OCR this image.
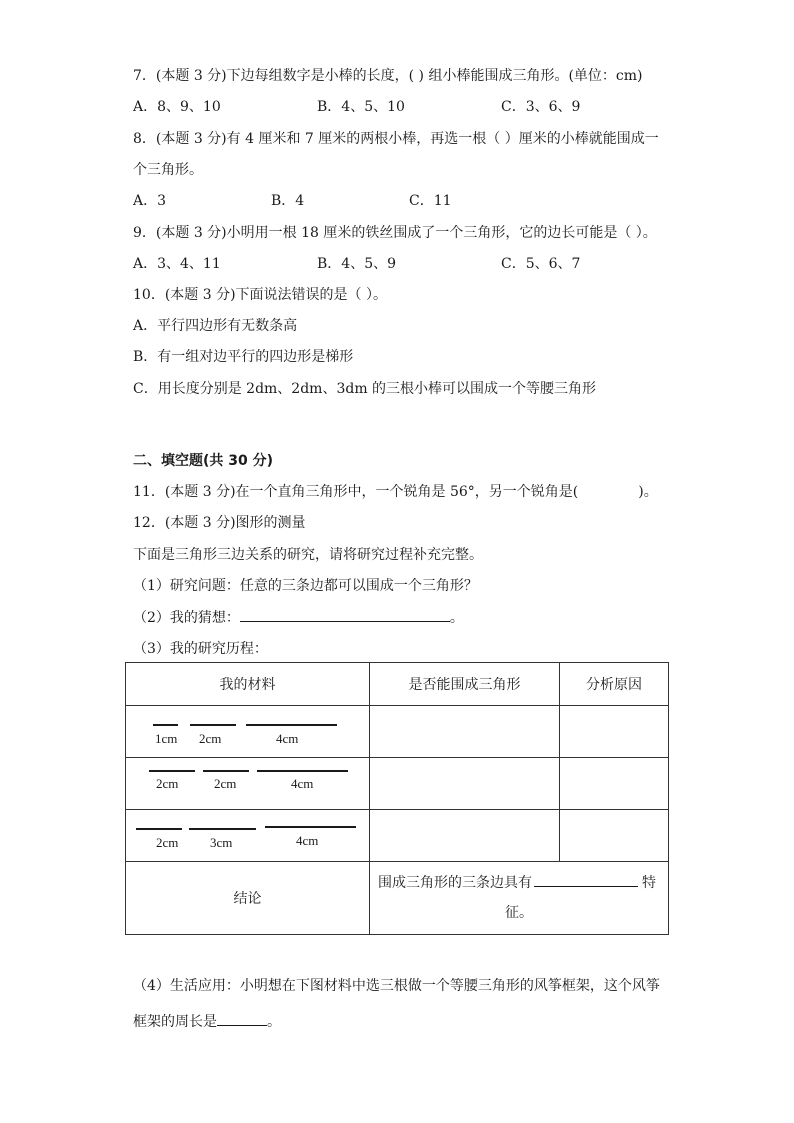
7．(本题 3 分)下边每组数字是小棒的长度，( ) 组小棒能围成三角形。(单位：cm)
A．8、9、10	B．4、5、10	C．3、6、9
8．(本题 3 分)有 4 厘米和 7 厘米的两根小棒，再选一根（ ）厘米的小棒就能围成一
个三角形。
A．3	B．4	C．11
9．(本题 3 分)小明用一根 18 厘米的铁丝围成了一个三角形，它的边长可能是（ ）。
A．3、4、11	B．4、5、9	C．5、6、7
10．(本题 3 分)下面说法错误的是（ ）。
A．平行四边形有无数条高
B．有一组对边平行的四边形是梯形
C．用长度分别是 2dm、2dm、3dm 的三根小棒可以围成一个等腰三角形
二、填空题(共 30 分)
11．(本题 3 分)在一个直角三角形中，一个锐角是 56°，另一个锐角是(	)。
12．(本题 3 分)图形的测量
下面是三角形三边关系的研究，请将研究过程补充完整。
（1）研究问题：任意的三条边都可以围成一个三角形？
（2）我的猜想：	。
（3）我的研究历程：
我的材料	是否能围成三角形	分析原因

1cm 2cm 4cm		

2cm 2cm 4cm		

2cm 3cm 4cm		

结论	围成三角形的三条边具有 特
征。	
（4）生活应用：小明想在下图材料中选三根做一个等腰三角形的风筝框架，这个风筝
框架的周长是	。
